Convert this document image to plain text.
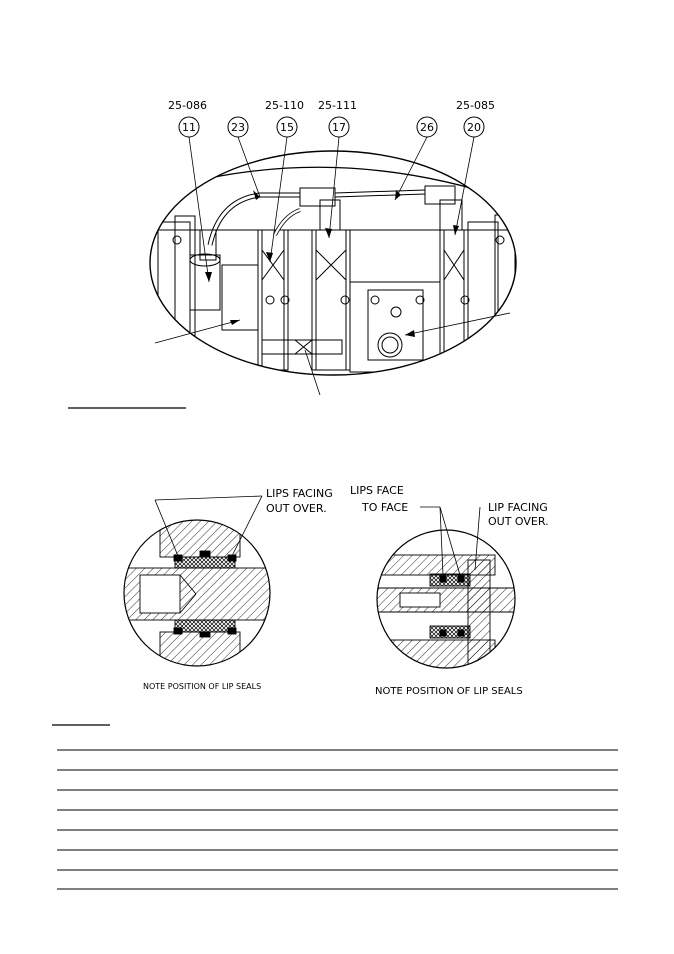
25-086	25-110 25-111	25-085
11	23	15	17	26	20
LIPS FACING
OUT OVER.
NOTE POSITION OF LIP SEALS
LIPS FACE
TO FACE	LIP FACING
OUT OVER.
NOTE POSITION OF LIP SEALS
